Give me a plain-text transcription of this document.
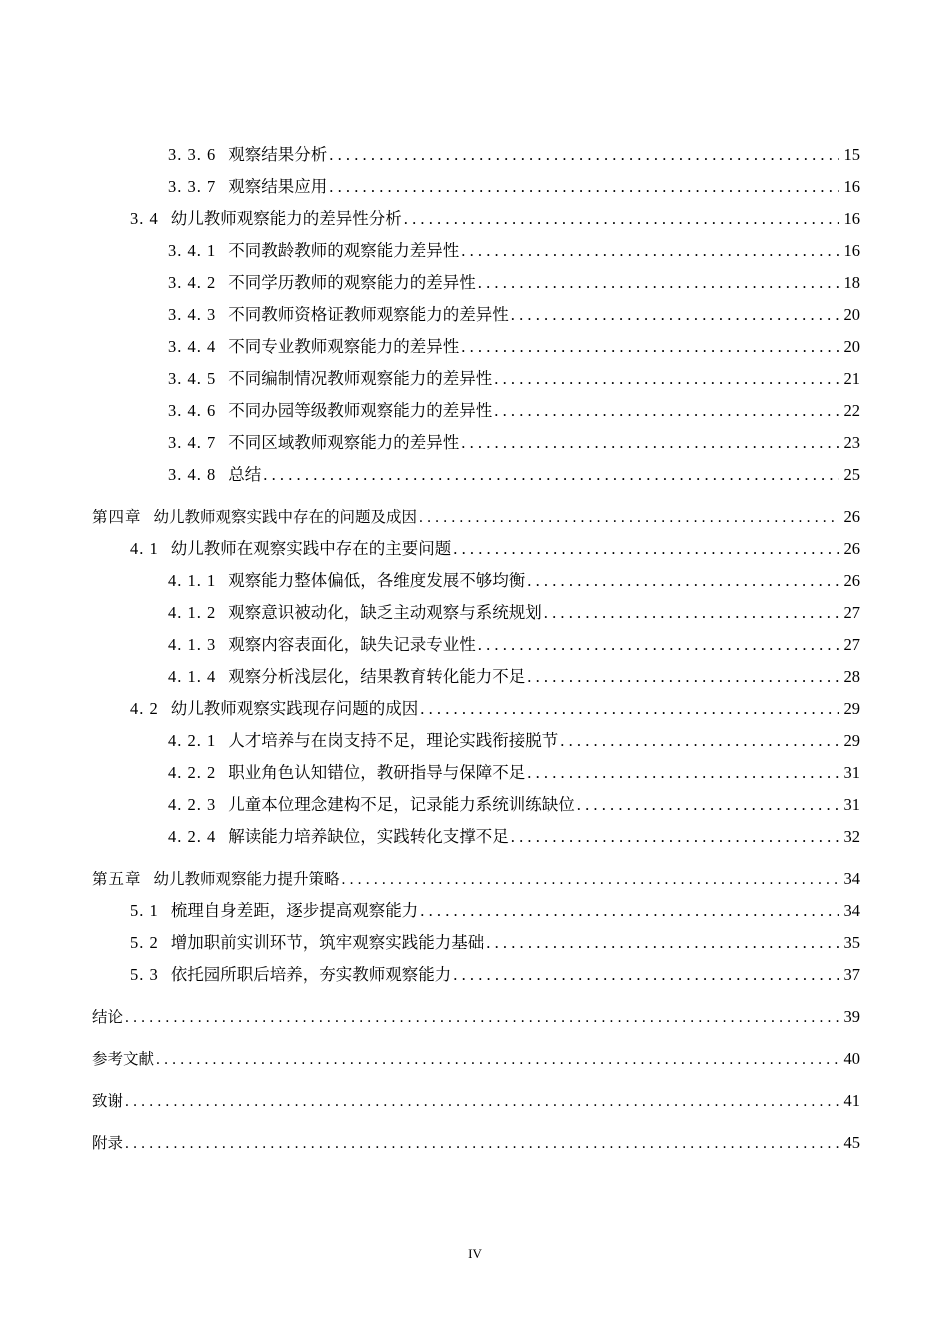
3. 3. 6 观察结果分析 .....	15
3. 3. 7 观察结果应用 .....	16
3. 4 幼儿教师观察能力的差异性分析 .....	16
3. 4. 1 不同教龄教师的观察能力差异性 .....	16
3. 4. 2 不同学历教师的观察能力的差异性 .....	18
3. 4. 3 不同教师资格证教师观察能力的差异性 .....	20
3. 4. 4 不同专业教师观察能力的差异性 .....	20
3. 4. 5 不同编制情况教师观察能力的差异性 .....	21
3. 4. 6 不同办园等级教师观察能力的差异性 .....	22
3. 4. 7 不同区域教师观察能力的差异性 .....	23
3. 4. 8 总结 .....	25
第四章 幼儿教师观察实践中存在的问题及成因 .....	26
4. 1 幼儿教师在观察实践中存在的主要问题 .....	26
4. 1. 1 观察能力整体偏低，各维度发展不够均衡 .....	26
4. 1. 2 观察意识被动化，缺乏主动观察与系统规划 .....	27
4. 1. 3 观察内容表面化，缺失记录专业性 .....	27
4. 1. 4 观察分析浅层化，结果教育转化能力不足 .....	28
4. 2 幼儿教师观察实践现存问题的成因 .....	29
4. 2. 1 人才培养与在岗支持不足，理论实践衔接脱节 .....	29
4. 2. 2 职业角色认知错位，教研指导与保障不足 .....	31
4. 2. 3 儿童本位理念建构不足，记录能力系统训练缺位 .....	31
4. 2. 4 解读能力培养缺位，实践转化支撑不足 .....	32
第五章 幼儿教师观察能力提升策略 .....	34
5. 1 梳理自身差距，逐步提高观察能力 .....	34
5. 2 增加职前实训环节，筑牢观察实践能力基础 .....	35
5. 3 依托园所职后培养，夯实教师观察能力 .....	37
结论 .....	39
参考文献 .....	40
致谢 .....	41
附录 .....	45
IV
